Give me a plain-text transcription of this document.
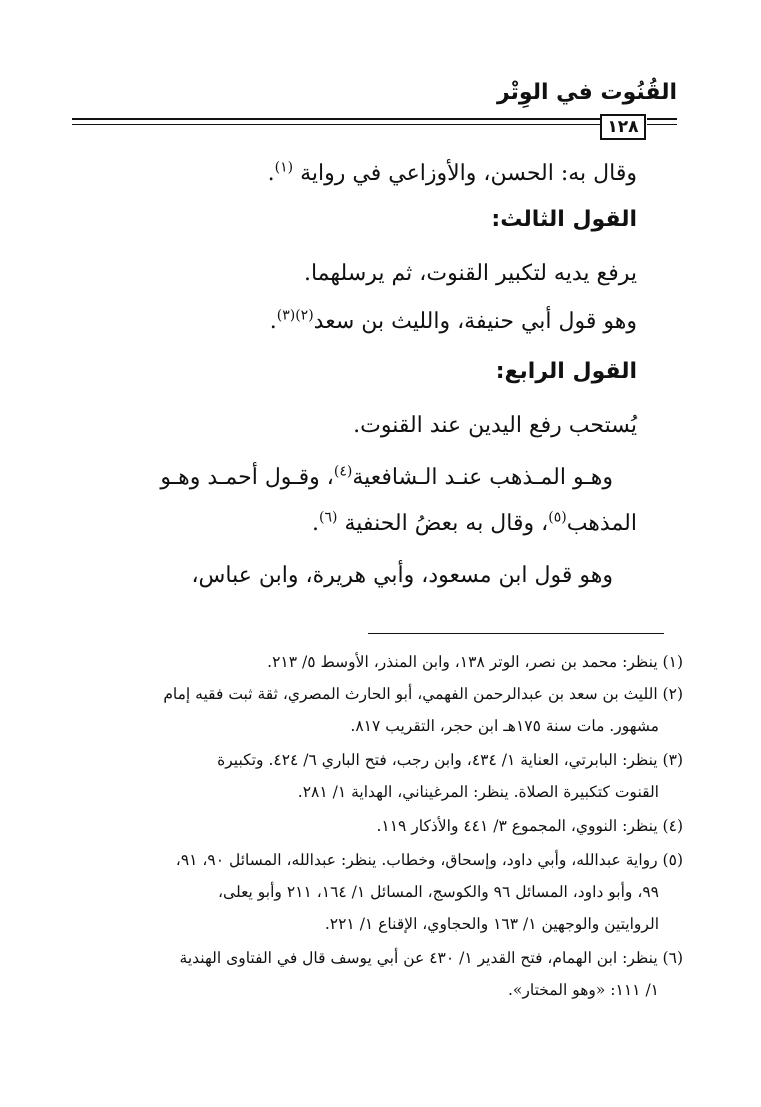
القُنُوت في الوِتْر
١٢٨
وقال به: الحسن، والأوزاعي في رواية $^{(١)}$.
القول الثالث:
يرفع يديه لتكبير القنوت، ثم يرسلهما.
وهو قول أبي حنيفة، والليث بن سعد$^{(٢)(٣)}$.
القول الرابع:
يُستحب رفع اليدين عند القنوت.
وهـو المـذهب عنـد الـشافعية$^{(٤)}$، وقـول أحمـد وهـو
المذهب$^{(٥)}$، وقال به بعضُ الحنفية $^{(٦)}$.
وهو قول ابن مسعود، وأبي هريرة، وابن عباس،
(١) ينظر: محمد بن نصر، الوتر ١٣٨، وابن المنذر، الأوسط ٥/ ٢١٣.
(٢) الليث بن سعد بن عبدالرحمن الفهمي، أبو الحارث المصري، ثقة ثبت فقيه إمام
مشهور. مات سنة ١٧٥هـ ابن حجر، التقريب ٨١٧.
(٣) ينظر: البابرتي، العناية ١/ ٤٣٤، وابن رجب، فتح الباري ٦/ ٤٢٤. وتكبيرة
القنوت كتكبيرة الصلاة. ينظر: المرغيناني، الهداية ١/ ٢٨١.
(٤) ينظر: النووي، المجموع ٣/ ٤٤١ والأذكار ١١٩.
(٥) رواية عبدالله، وأبي داود، وإسحاق، وخطاب. ينظر: عبدالله، المسائل ٩٠، ٩١،
٩٩، وأبو داود، المسائل ٩٦ والكوسج، المسائل ١/ ١٦٤، ٢١١ وأبو يعلى،
الروايتين والوجهين ١/ ١٦٣ والحجاوي، الإقناع ١/ ٢٢١.
(٦) ينظر: ابن الهمام، فتح القدير ١/ ٤٣٠ عن أبي يوسف قال في الفتاوى الهندية
١/ ١١١: «وهو المختار».
